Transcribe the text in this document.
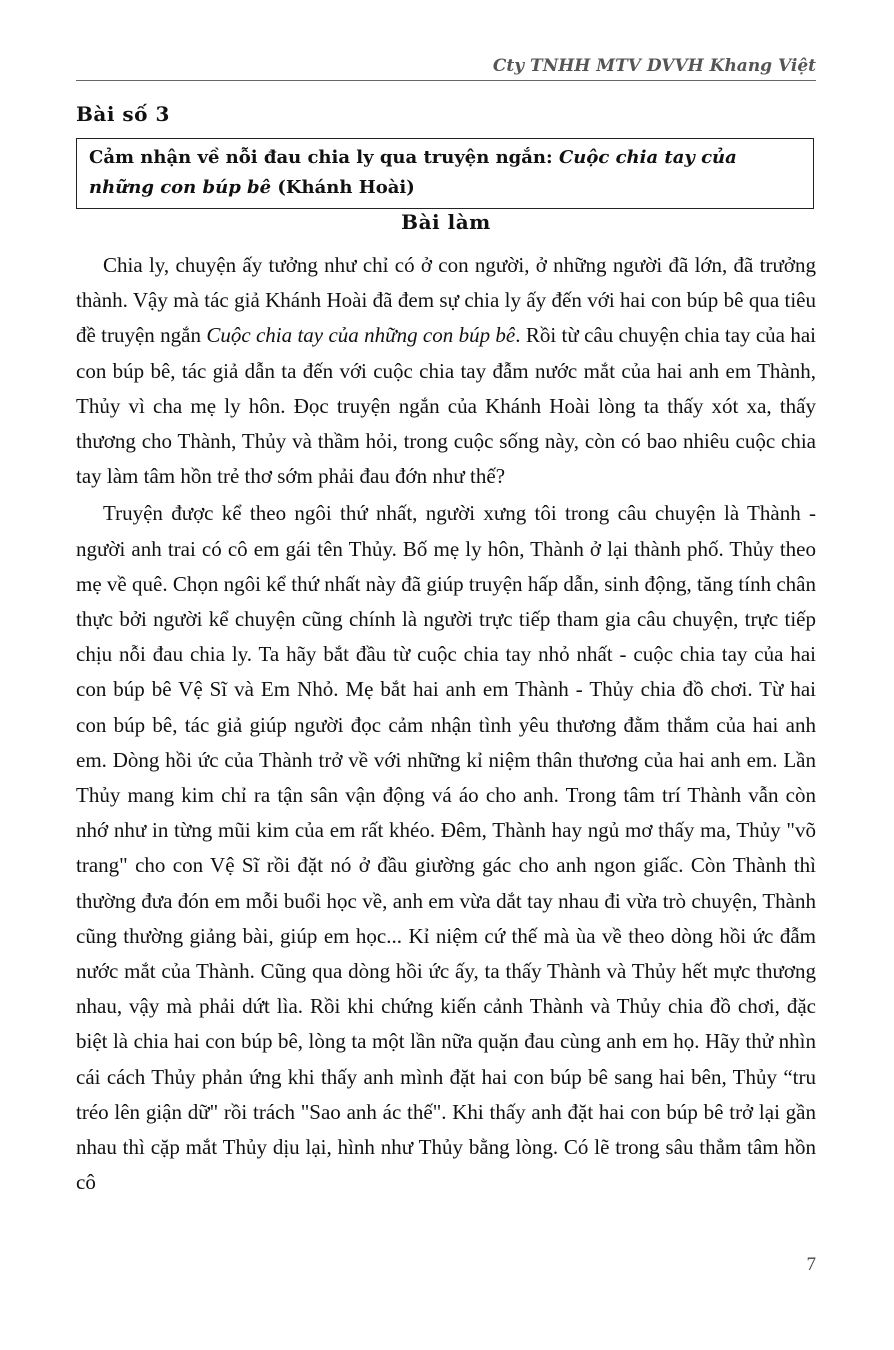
Cty TNHH MTV DVVH Khang Việt
Bài số 3
Cảm nhận về nỗi đau chia ly qua truyện ngắn: Cuộc chia tay của những con búp bê (Khánh Hoài)
Bài làm

Chia ly, chuyện ấy tưởng như chỉ có ở con người, ở những người đã lớn, đã trưởng thành. Vậy mà tác giả Khánh Hoài đã đem sự chia ly ấy đến với hai con búp bê qua tiêu đề truyện ngắn Cuộc chia tay của những con búp bê. Rồi từ câu chuyện chia tay của hai con búp bê, tác giả dẫn ta đến với cuộc chia tay đẫm nước mắt của hai anh em Thành, Thủy vì cha mẹ ly hôn. Đọc truyện ngắn của Khánh Hoài lòng ta thấy xót xa, thấy thương cho Thành, Thủy và thầm hỏi, trong cuộc sống này, còn có bao nhiêu cuộc chia tay làm tâm hồn trẻ thơ sớm phải đau đớn như thế?

Truyện được kể theo ngôi thứ nhất, người xưng tôi trong câu chuyện là Thành - người anh trai có cô em gái tên Thủy. Bố mẹ ly hôn, Thành ở lại thành phố. Thủy theo mẹ về quê. Chọn ngôi kể thứ nhất này đã giúp truyện hấp dẫn, sinh động, tăng tính chân thực bởi người kể chuyện cũng chính là người trực tiếp tham gia câu chuyện, trực tiếp chịu nỗi đau chia ly. Ta hãy bắt đầu từ cuộc chia tay nhỏ nhất - cuộc chia tay của hai con búp bê Vệ Sĩ và Em Nhỏ. Mẹ bắt hai anh em Thành - Thủy chia đồ chơi. Từ hai con búp bê, tác giả giúp người đọc cảm nhận tình yêu thương đằm thắm của hai anh em. Dòng hồi ức của Thành trở về với những kỉ niệm thân thương của hai anh em. Lần Thủy mang kim chỉ ra tận sân vận động vá áo cho anh. Trong tâm trí Thành vẫn còn nhớ như in từng mũi kim của em rất khéo. Đêm, Thành hay ngủ mơ thấy ma, Thủy "võ trang" cho con Vệ Sĩ rồi đặt nó ở đầu giường gác cho anh ngon giấc. Còn Thành thì thường đưa đón em mỗi buổi học về, anh em vừa dắt tay nhau đi vừa trò chuyện, Thành cũng thường giảng bài, giúp em học... Kỉ niệm cứ thế mà ùa về theo dòng hồi ức đẫm nước mắt của Thành. Cũng qua dòng hồi ức ấy, ta thấy Thành và Thủy hết mực thương nhau, vậy mà phải dứt lìa. Rồi khi chứng kiến cảnh Thành và Thủy chia đồ chơi, đặc biệt là chia hai con búp bê, lòng ta một lần nữa quặn đau cùng anh em họ. Hãy thử nhìn cái cách Thủy phản ứng khi thấy anh mình đặt hai con búp bê sang hai bên, Thủy “tru tréo lên giận dữ" rồi trách "Sao anh ác thế". Khi thấy anh đặt hai con búp bê trở lại gần nhau thì cặp mắt Thủy dịu lại, hình như Thủy bằng lòng. Có lẽ trong sâu thẳm tâm hồn cô

7
